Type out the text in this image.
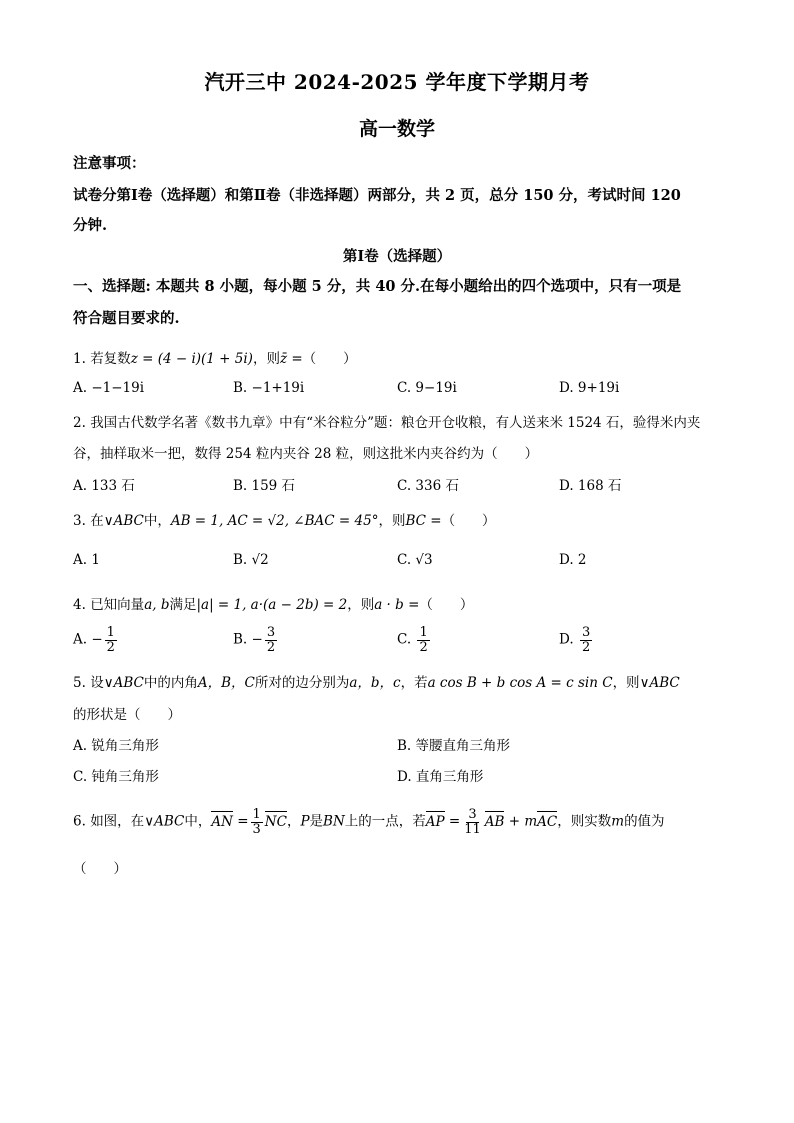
汽开三中 2024-2025 学年度下学期月考
高一数学
注意事项：
试卷分第Ⅰ卷（选择题）和第Ⅱ卷（非选择题）两部分，共 2 页，总分 150 分，考试时间 120
分钟.
第Ⅰ卷（选择题）
一、选择题: 本题共 8 小题，每小题 5 分，共 40 分.在每小题给出的四个选项中，只有一项是
符合题目要求的.
1. 若复数z = (4 − i)(1 + 5i)，则z̄ =（　　）
A. −1−19i	B. −1+19i	C. 9−19i	D. 9+19i
2. 我国古代数学名著《数书九章》中有“米谷粒分”题：粮仓开仓收粮，有人送来米 1524 石，验得米内夹
谷，抽样取米一把，数得 254 粒内夹谷 28 粒，则这批米内夹谷约为（　　）
A. 133 石	B. 159 石	C. 336 石	D. 168 石
3. 在∨ABC中，AB = 1, AC = √2, ∠BAC = 45°，则BC =（　　）
A. 1	B. √2	C. √3	D. 2
4. 已知向量a, b满足|a| = 1, a·(a − 2b) = 2，则a · b =（　　）
A. − $\frac{1}{2}$	B. − $\frac{3}{2}$	C. $\frac{1}{2}$	D. $\frac{3}{2}$
5. 设∨ABC中的内角A，B，C所对的边分别为a，b，c，若a cos B + b cos A = c sin C，则∨ABC
的形状是（　　）
A. 锐角三角形	B. 等腰直角三角形
C. 钝角三角形	D. 直角三角形
6. 如图，在∨ABC中，AN = $\frac{1}{3}$ NC，P是BN上的一点，若AP = $\frac{3}{11}$ AB + mAC，则实数m的值为
（　　）
